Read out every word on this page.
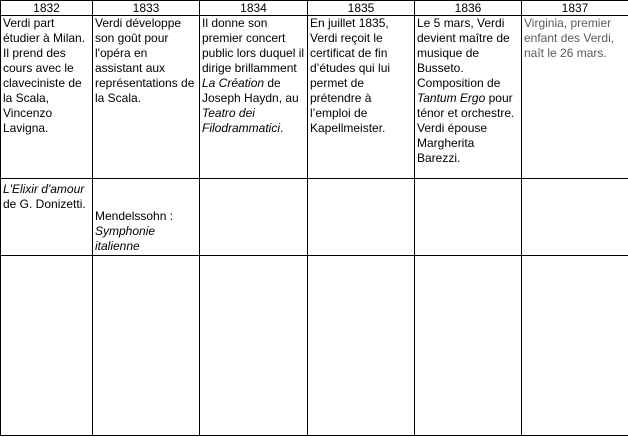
1832	1833	1834	1835	1836	1837

Verdi part étudier à Milan. Il prend des cours avec le claveciniste de la Scala, Vincenzo Lavigna.	Verdi développe son goût pour l'opéra en assistant aux représentations de la Scala.	Il donne son premier concert public lors duquel il dirige brillamment La Création de Joseph Haydn, au Teatro dei Filodrammatici.	En juillet 1835, Verdi reçoit le certificat de fin d’études qui lui permet de prétendre à l’emploi de Kapellmeister.	Le 5 mars, Verdi devient maître de musique de Busseto. Composition de Tantum Ergo pour ténor et orchestre. Verdi épouse Margherita Barezzi.	Virginia, premier enfant des Verdi, naît le 26 mars.

L'Elixir d'amour de G. Donizetti.	Mendelssohn :
Symphonie italienne				
